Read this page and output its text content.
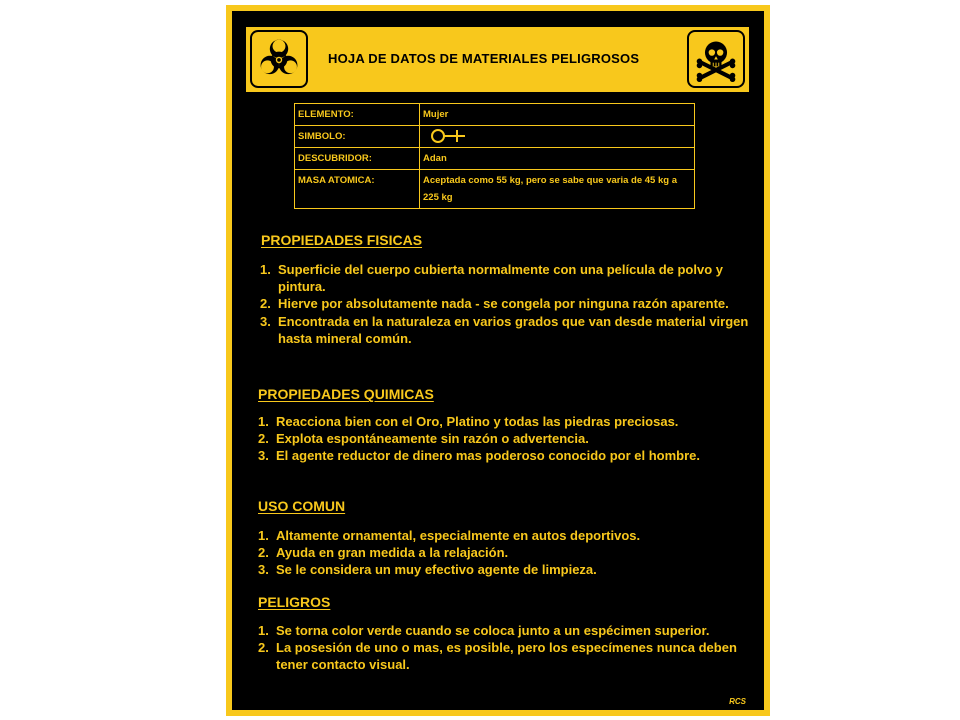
HOJA DE DATOS DE MATERIALES PELIGROSOS
ELEMENTO:	Mujer
SIMBOLO:	

DESCUBRIDOR:	Adan
MASA ATOMICA:	Aceptada como 55 kg, pero se sabe que varia de 45 kg a 225 kg
PROPIEDADES FISICAS
1. Superficie del cuerpo cubierta normalmente con una película de polvo y pintura.
2. Hierve por absolutamente nada - se congela por ninguna razón aparente.
3. Encontrada en la naturaleza en varios grados que van desde material virgen hasta mineral común.
PROPIEDADES QUIMICAS
1. Reacciona bien con el Oro, Platino y todas las piedras preciosas.
2. Explota espontáneamente sin razón o advertencia.
3. El agente reductor de dinero mas poderoso conocido por el hombre.
USO COMUN
1. Altamente ornamental, especialmente en autos deportivos.
2. Ayuda en gran medida a la relajación.
3. Se le considera un muy efectivo agente de limpieza.
PELIGROS
1. Se torna color verde cuando se coloca junto a un espécimen superior.
2. La posesión de uno o mas, es posible, pero los especímenes nunca deben tener contacto visual.
RCS
